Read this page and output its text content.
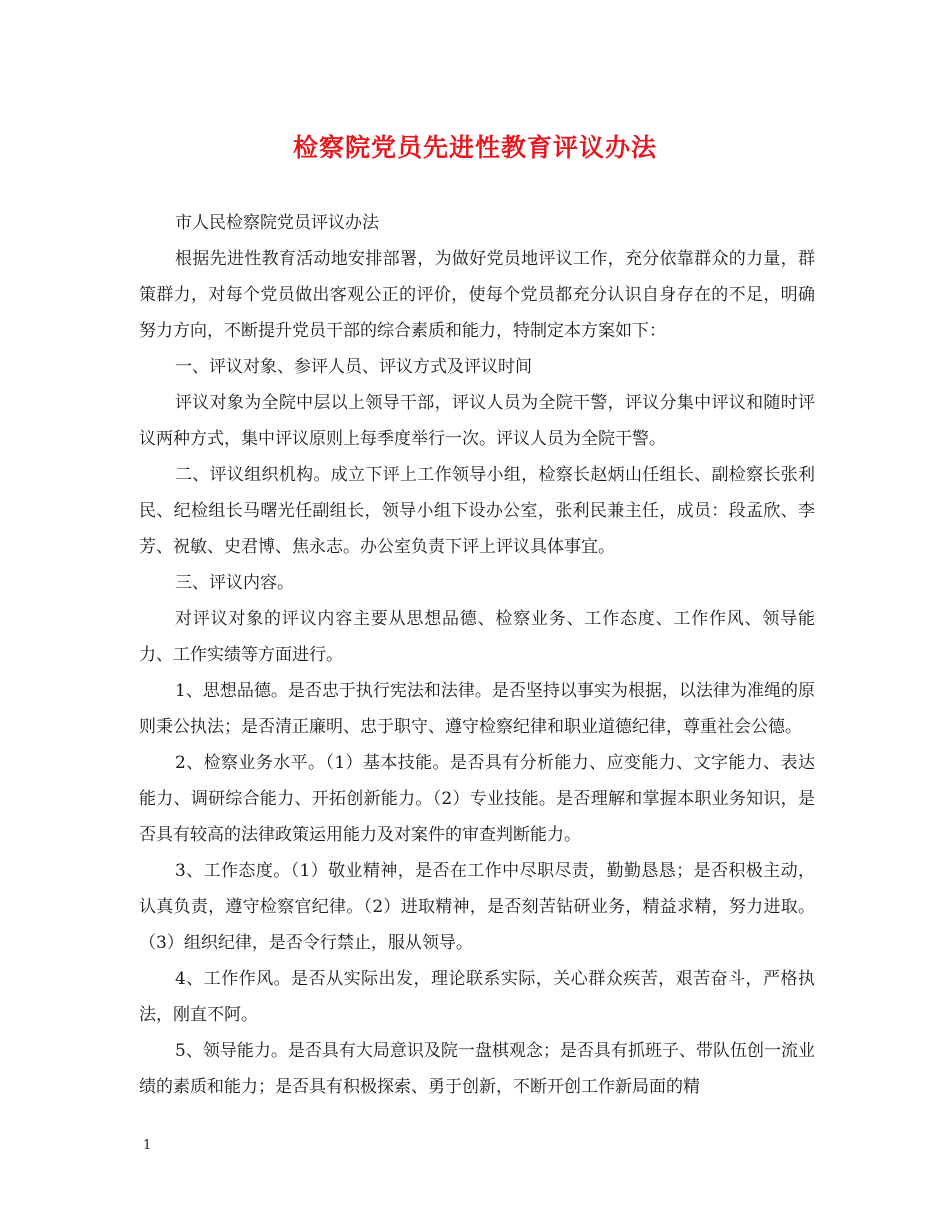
检察院党员先进性教育评议办法

市人民检察院党员评议办法

根据先进性教育活动地安排部署，为做好党员地评议工作，充分依靠群众的力量，群策群力，对每个党员做出客观公正的评价，使每个党员都充分认识自身存在的不足，明确努力方向，不断提升党员干部的综合素质和能力，特制定本方案如下：

一、评议对象、参评人员、评议方式及评议时间

评议对象为全院中层以上领导干部，评议人员为全院干警，评议分集中评议和随时评议两种方式，集中评议原则上每季度举行一次。评议人员为全院干警。

二、评议组织机构。成立下评上工作领导小组，检察长赵炳山任组长、副检察长张利民、纪检组长马曙光任副组长，领导小组下设办公室，张利民兼主任，成员：段孟欣、李芳、祝敏、史君博、焦永志。办公室负责下评上评议具体事宜。

三、评议内容。

对评议对象的评议内容主要从思想品德、检察业务、工作态度、工作作风、领导能力、工作实绩等方面进行。

1、思想品德。是否忠于执行宪法和法律。是否坚持以事实为根据，以法律为准绳的原则秉公执法；是否清正廉明、忠于职守、遵守检察纪律和职业道德纪律，尊重社会公德。

2、检察业务水平。（1）基本技能。是否具有分析能力、应变能力、文字能力、表达能力、调研综合能力、开拓创新能力。（2）专业技能。是否理解和掌握本职业务知识，是否具有较高的法律政策运用能力及对案件的审查判断能力。

3、工作态度。（1）敬业精神，是否在工作中尽职尽责，勤勤恳恳；是否积极主动，认真负责，遵守检察官纪律。（2）进取精神，是否刻苦钻研业务，精益求精，努力进取。（3）组织纪律，是否令行禁止，服从领导。

4、工作作风。是否从实际出发，理论联系实际，关心群众疾苦，艰苦奋斗，严格执法，刚直不阿。

5、领导能力。是否具有大局意识及院一盘棋观念；是否具有抓班子、带队伍创一流业绩的素质和能力；是否具有积极探索、勇于创新，不断开创工作新局面的精

1
